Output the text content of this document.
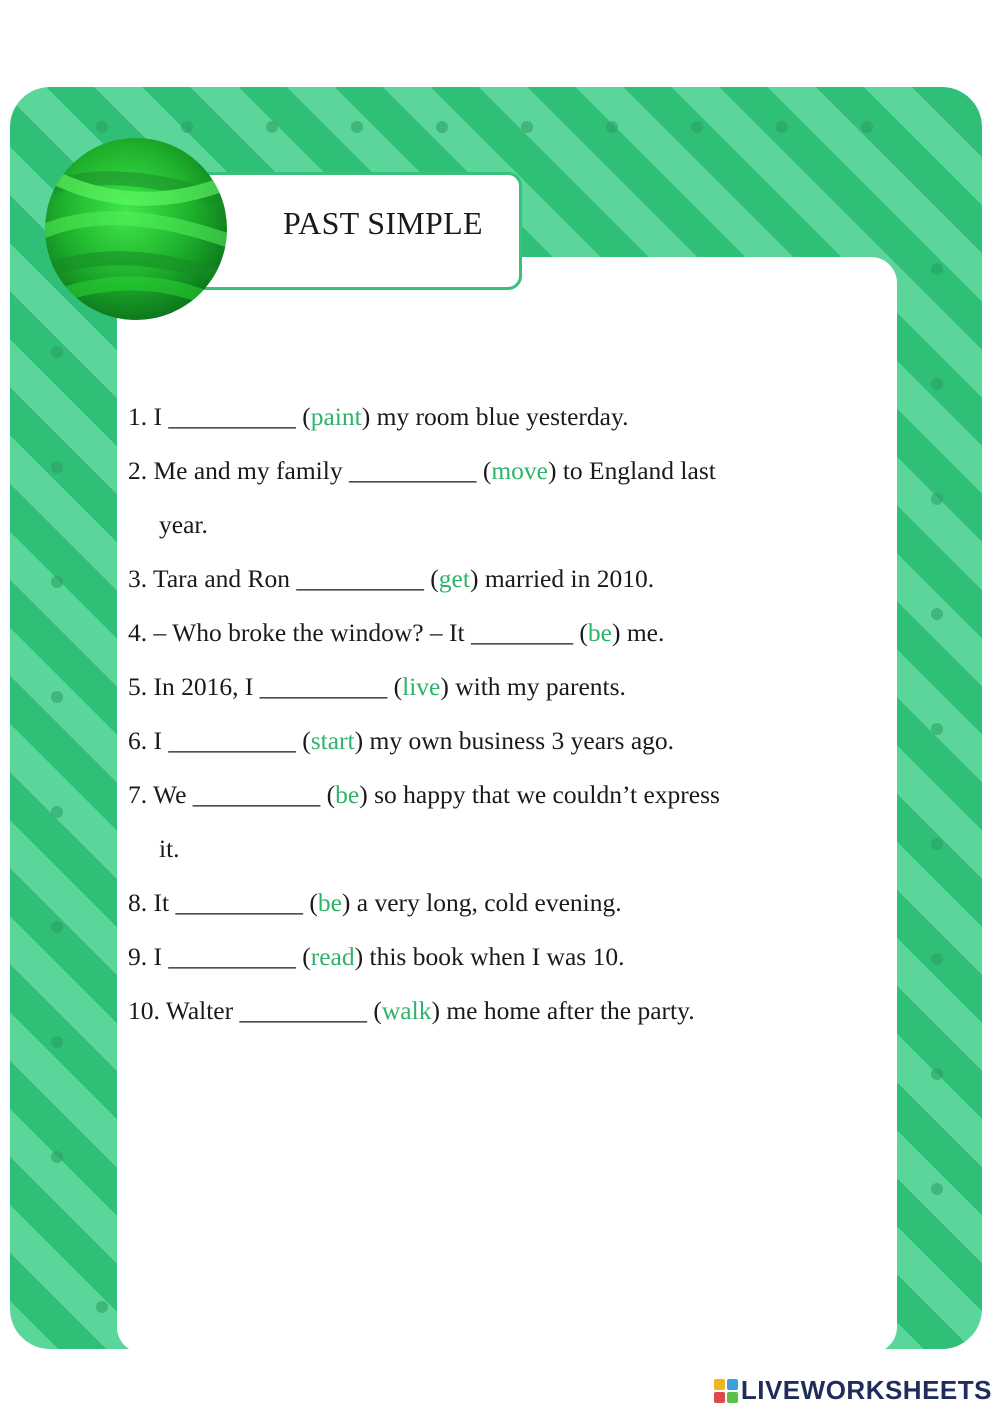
PAST SIMPLE
1. I __________ (paint) my room blue yesterday.
2. Me and my family __________ (move) to England last
year.
3. Tara and Ron __________ (get) married in 2010.
4. – Who broke the window? – It ________ (be) me.
5. In 2016, I __________ (live) with my parents.
6. I __________ (start) my own business 3 years ago.
7. We __________ (be) so happy that we couldn’t express
it.
8. It __________ (be) a very long, cold evening.
9. I __________ (read) this book when I was 10.
10. Walter __________ (walk) me home after the party.
LIVEWORKSHEETS
